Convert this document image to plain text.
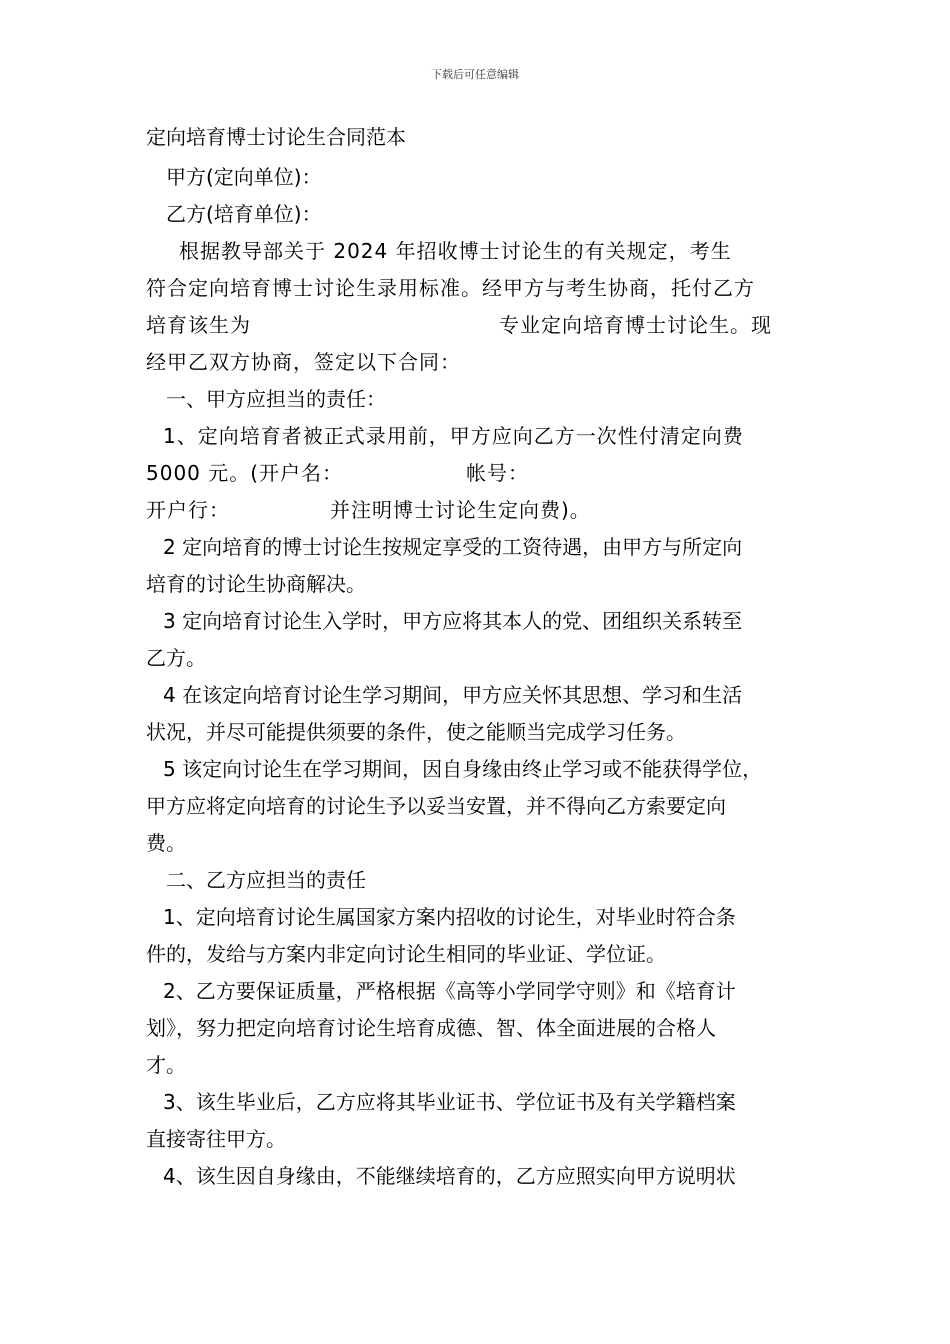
下载后可任意编辑
定向培育博士讨论生合同范本

甲方(定向单位)：

乙方(培育单位)：

根据教导部关于 2024 年招收博士讨论生的有关规定，考生
符合定向培育博士讨论生录用标准。经甲方与考生协商，托付乙方
培育该生为	专业定向培育博士讨论生。现
经甲乙双方协商，签定以下合同：

一、甲方应担当的责任：

1、定向培育者被正式录用前，甲方应向乙方一次性付清定向费
5000 元。(开户名：	帐号：
开户行：	并注明博士讨论生定向费)。

2 定向培育的博士讨论生按规定享受的工资待遇，由甲方与所定向
培育的讨论生协商解决。

3 定向培育讨论生入学时，甲方应将其本人的党、团组织关系转至
乙方。

4 在该定向培育讨论生学习期间，甲方应关怀其思想、学习和生活
状况，并尽可能提供须要的条件，使之能顺当完成学习任务。

5 该定向讨论生在学习期间，因自身缘由终止学习或不能获得学位，
甲方应将定向培育的讨论生予以妥当安置，并不得向乙方索要定向
费。

二、乙方应担当的责任

1、定向培育讨论生属国家方案内招收的讨论生，对毕业时符合条
件的，发给与方案内非定向讨论生相同的毕业证、学位证。

2、乙方要保证质量，严格根据《高等小学同学守则》和《培育计
划》，努力把定向培育讨论生培育成德、智、体全面进展的合格人
才。

3、该生毕业后，乙方应将其毕业证书、学位证书及有关学籍档案
直接寄往甲方。

4、该生因自身缘由，不能继续培育的，乙方应照实向甲方说明状
